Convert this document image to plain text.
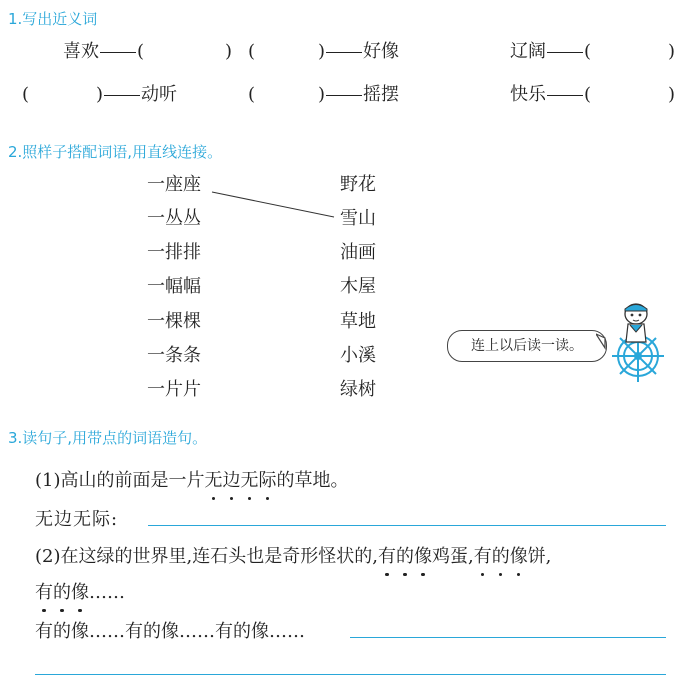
1.写出近义词
喜欢 (	) (	) 好像	辽阔 (	)
(	) 动听	(	) 摇摆	快乐 (	)
2.照样子搭配词语,用直线连接。
一座座
一丛丛
一排排
一幅幅
一棵棵
一条条
一片片
野花
雪山
油画
木屋
草地
小溪
绿树
连上以后读一读。
3.读句子,用带点的词语造句。
(1)高山的前面是一片无边无际的草地。
无边无际:
(2)在这绿的世界里,连石头也是奇形怪状的,有的像鸡蛋,有的像饼,
有的像……
有的像……有的像……有的像……
